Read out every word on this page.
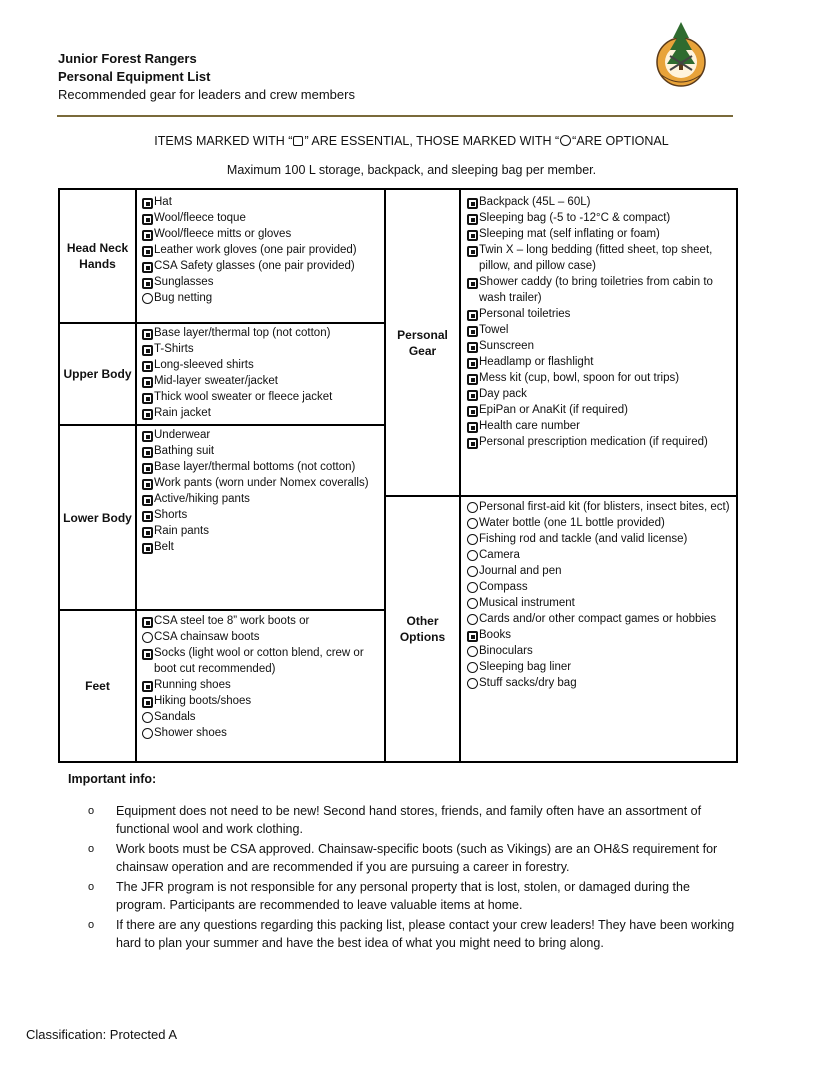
Junior Forest Rangers
Personal Equipment List
Recommended gear for leaders and crew members
ITEMS MARKED WITH “ ” ARE ESSENTIAL, THOSE MARKED WITH “ “ARE OPTIONAL
Maximum 100 L storage, backpack, and sleeping bag per member.
Head Neck Hands
Upper Body
Lower Body
Feet
Personal Gear
Other Options
Hat
Wool/fleece toque
Wool/fleece mitts or gloves
Leather work gloves (one pair provided)
CSA Safety glasses (one pair provided)
Sunglasses
Bug netting
Base layer/thermal top (not cotton)
T-Shirts
Long-sleeved shirts
Mid-layer sweater/jacket
Thick wool sweater or fleece jacket
Rain jacket
Underwear
Bathing suit
Base layer/thermal bottoms (not cotton)
Work pants (worn under Nomex coveralls)
Active/hiking pants
Shorts
Rain pants
Belt
CSA steel toe 8” work boots or
CSA chainsaw boots
Socks (light wool or cotton blend, crew or boot cut recommended)
Running shoes
Hiking boots/shoes
Sandals
Shower shoes
Backpack (45L – 60L)
Sleeping bag (-5 to -12°C & compact)
Sleeping mat (self inflating or foam)
Twin X – long bedding (fitted sheet, top sheet, pillow, and pillow case)
Shower caddy (to bring toiletries from cabin to wash trailer)
Personal toiletries
Towel
Sunscreen
Headlamp or flashlight
Mess kit (cup, bowl, spoon for out trips)
Day pack
EpiPan or AnaKit (if required)
Health care number
Personal prescription medication (if required)
Personal first-aid kit (for blisters, insect bites, ect)
Water bottle (one 1L bottle provided)
Fishing rod and tackle (and valid license)
Camera
Journal and pen
Compass
Musical instrument
Cards and/or other compact games or hobbies
Books
Binoculars
Sleeping bag liner
Stuff sacks/dry bag
Important info:
o Equipment does not need to be new! Second hand stores, friends, and family often have an assortment of functional wool and work clothing.
o Work boots must be CSA approved. Chainsaw-specific boots (such as Vikings) are an OH&S requirement for chainsaw operation and are recommended if you are pursuing a career in forestry.
o The JFR program is not responsible for any personal property that is lost, stolen, or damaged during the program. Participants are recommended to leave valuable items at home.
o If there are any questions regarding this packing list, please contact your crew leaders! They have been working hard to plan your summer and have the best idea of what you might need to bring along.
Classification: Protected A
